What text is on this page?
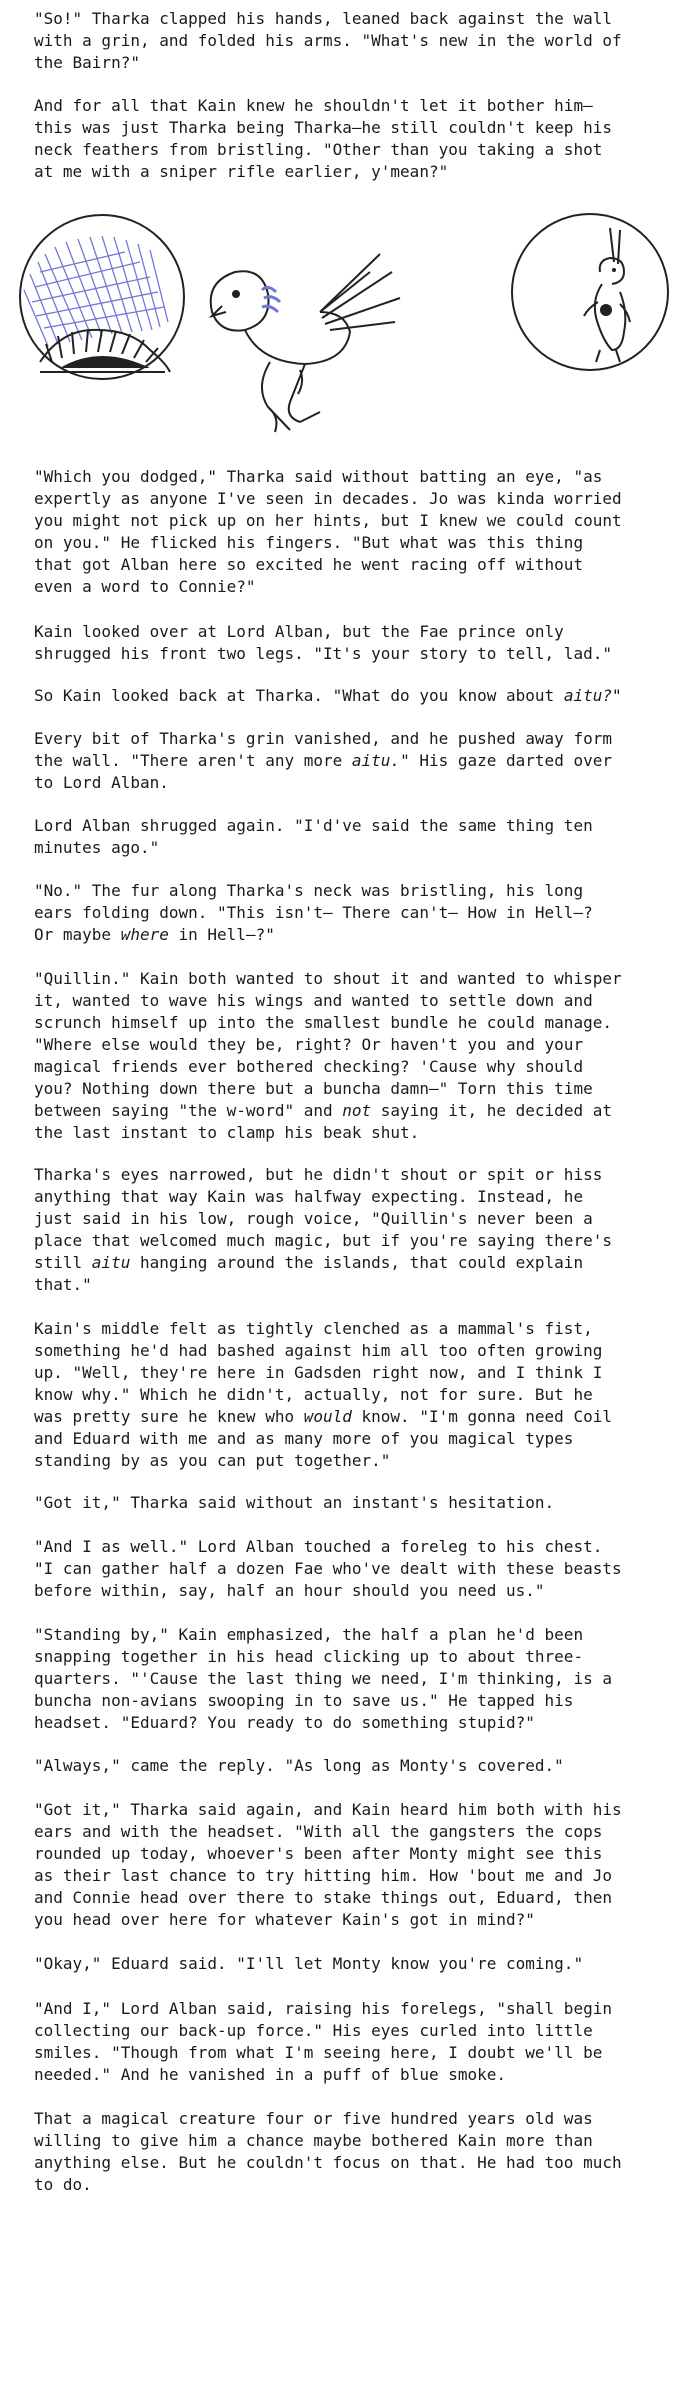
"So!" Tharka clapped his hands, leaned back against the wall
with a grin, and folded his arms. "What's new in the world of
the Bairn?"

And for all that Kain knew he shouldn't let it bother him—
this was just Tharka being Tharka—he still couldn't keep his
neck feathers from bristling. "Other than you taking a shot
at me with a sniper rifle earlier, y'mean?"

"Which you dodged," Tharka said without batting an eye, "as
expertly as anyone I've seen in decades. Jo was kinda worried
you might not pick up on her hints, but I knew we could count
on you." He flicked his fingers. "But what was this thing
that got Alban here so excited he went racing off without
even a word to Connie?"

Kain looked over at Lord Alban, but the Fae prince only
shrugged his front two legs. "It's your story to tell, lad."

So Kain looked back at Tharka. "What do you know about aitu?"

Every bit of Tharka's grin vanished, and he pushed away form
the wall. "There aren't any more aitu." His gaze darted over
to Lord Alban.

Lord Alban shrugged again. "I'd've said the same thing ten
minutes ago."

"No." The fur along Tharka's neck was bristling, his long
ears folding down. "This isn't— There can't— How in Hell—?
Or maybe where in Hell—?"

"Quillin." Kain both wanted to shout it and wanted to whisper
it, wanted to wave his wings and wanted to settle down and
scrunch himself up into the smallest bundle he could manage.
"Where else would they be, right? Or haven't you and your
magical friends ever bothered checking? 'Cause why should
you? Nothing down there but a buncha damn—" Torn this time
between saying "the w-word" and not saying it, he decided at
the last instant to clamp his beak shut.

Tharka's eyes narrowed, but he didn't shout or spit or hiss
anything that way Kain was halfway expecting. Instead, he
just said in his low, rough voice, "Quillin's never been a
place that welcomed much magic, but if you're saying there's
still aitu hanging around the islands, that could explain
that."

Kain's middle felt as tightly clenched as a mammal's fist,
something he'd had bashed against him all too often growing
up. "Well, they're here in Gadsden right now, and I think I
know why." Which he didn't, actually, not for sure. But he
was pretty sure he knew who would know. "I'm gonna need Coil
and Eduard with me and as many more of you magical types
standing by as you can put together."

"Got it," Tharka said without an instant's hesitation.

"And I as well." Lord Alban touched a foreleg to his chest.
"I can gather half a dozen Fae who've dealt with these beasts
before within, say, half an hour should you need us."

"Standing by," Kain emphasized, the half a plan he'd been
snapping together in his head clicking up to about three-
quarters. "'Cause the last thing we need, I'm thinking, is a
buncha non-avians swooping in to save us." He tapped his
headset. "Eduard? You ready to do something stupid?"

"Always," came the reply. "As long as Monty's covered."

"Got it," Tharka said again, and Kain heard him both with his
ears and with the headset. "With all the gangsters the cops
rounded up today, whoever's been after Monty might see this
as their last chance to try hitting him. How 'bout me and Jo
and Connie head over there to stake things out, Eduard, then
you head over here for whatever Kain's got in mind?"

"Okay," Eduard said. "I'll let Monty know you're coming."

"And I," Lord Alban said, raising his forelegs, "shall begin
collecting our back-up force." His eyes curled into little
smiles. "Though from what I'm seeing here, I doubt we'll be
needed." And he vanished in a puff of blue smoke.

That a magical creature four or five hundred years old was
willing to give him a chance maybe bothered Kain more than
anything else. But he couldn't focus on that. He had too much
to do.
